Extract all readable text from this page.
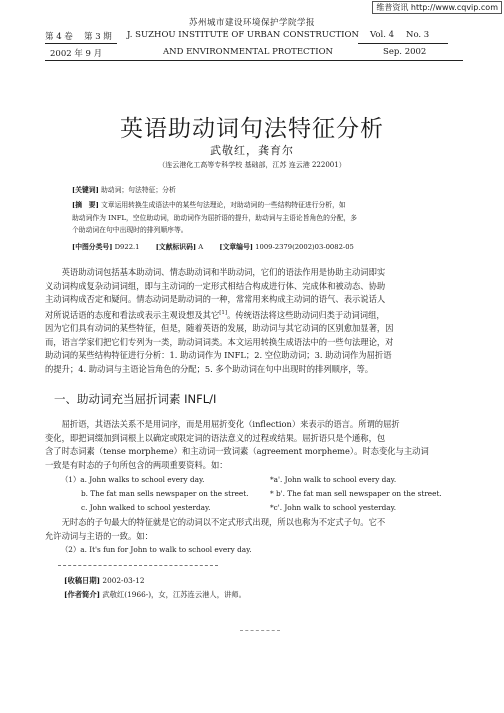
维普资讯 http://www.cqvip.com
苏州城市建设环境保护学院学报
第 4 卷 第 3 期 J. SUZHOU INSTITUTE OF URBAN CONSTRUCTION Vol. 4 No. 3
2002 年 9 月	AND ENVIRONMENTAL PROTECTION	Sep. 2002
英语助动词句法特征分析
武敬红，龚育尔
（连云港化工高等专科学校 基础部，江苏 连云港 222001）
[关键词] 助动词；句法特征；分析
[摘　要] 文章运用转换生成语法中的某些句法理论，对助动词的一些结构特征进行分析，如
助动词作为 INFL，空位助动词，助动词作为屈折语的提升，助动词与主语论旨角色的分配，多
个助动词在句中出现时的排列顺序等。
[中图分类号] D922.1 [文献标识码] A [文章编号] 1009-2379(2002)03-0082-05

英语助动词包括基本助动词、情态助动词和半助动词，它们的语法作用是协助主动词即实

义动词构成复杂动词词组，即与主动词的一定形式相结合构成进行体、完成体和被动态、协助
主动词构成否定和疑问。情态动词是助动词的一种，常常用来构成主动词的语气、表示说话人
对所说话语的态度和看法或表示主观设想及其它[1]。传统语法将这些助动词归类于动词词组，
因为它们具有动词的某些特征，但是，随着英语的发展，助动词与其它动词的区别愈加显著，因
而，语言学家们把它们专列为一类，助动词词类。本文运用转换生成语法中的一些句法理论，对
助动词的某些结构特征进行分析：1. 助动词作为 INFL；2. 空位助动词；3. 助动词作为屈折语
的提升；4. 助动词与主语论旨角色的分配；5. 多个助动词在句中出现时的排列顺序，等。
一、助动词充当屈折词素 INFL/I

屈折语，其语法关系不是用词序，而是用屈折变化（inflection）来表示的语言。所谓的屈折

变化，即把词缀加到词根上以确定或限定词的语法意义的过程或结果。屈折语只是个通称，包
含了时态词素（tense morpheme）和主动词一致词素（agreement morpheme）。时态变化与主动词
一致是有时态的子句所包含的两项重要资料。如：
（1）a. John walks to school every day.	*a'. John walk to school every day.
b. The fat man sells newspaper on the street.	* b'. The fat man sell newspaper on the street.
c. John walked to school yesterday.	*c'. John walk to school yesterday.

无时态的子句最大的特征就是它的动词以不定式形式出现，所以也称为不定式子句。它不

允许动词与主语的一致。如：
（2）a. It's fun for John to walk to school every day.
[收稿日期] 2002-03-12
[作者简介] 武敬红(1966-)，女，江苏连云港人，讲师。
